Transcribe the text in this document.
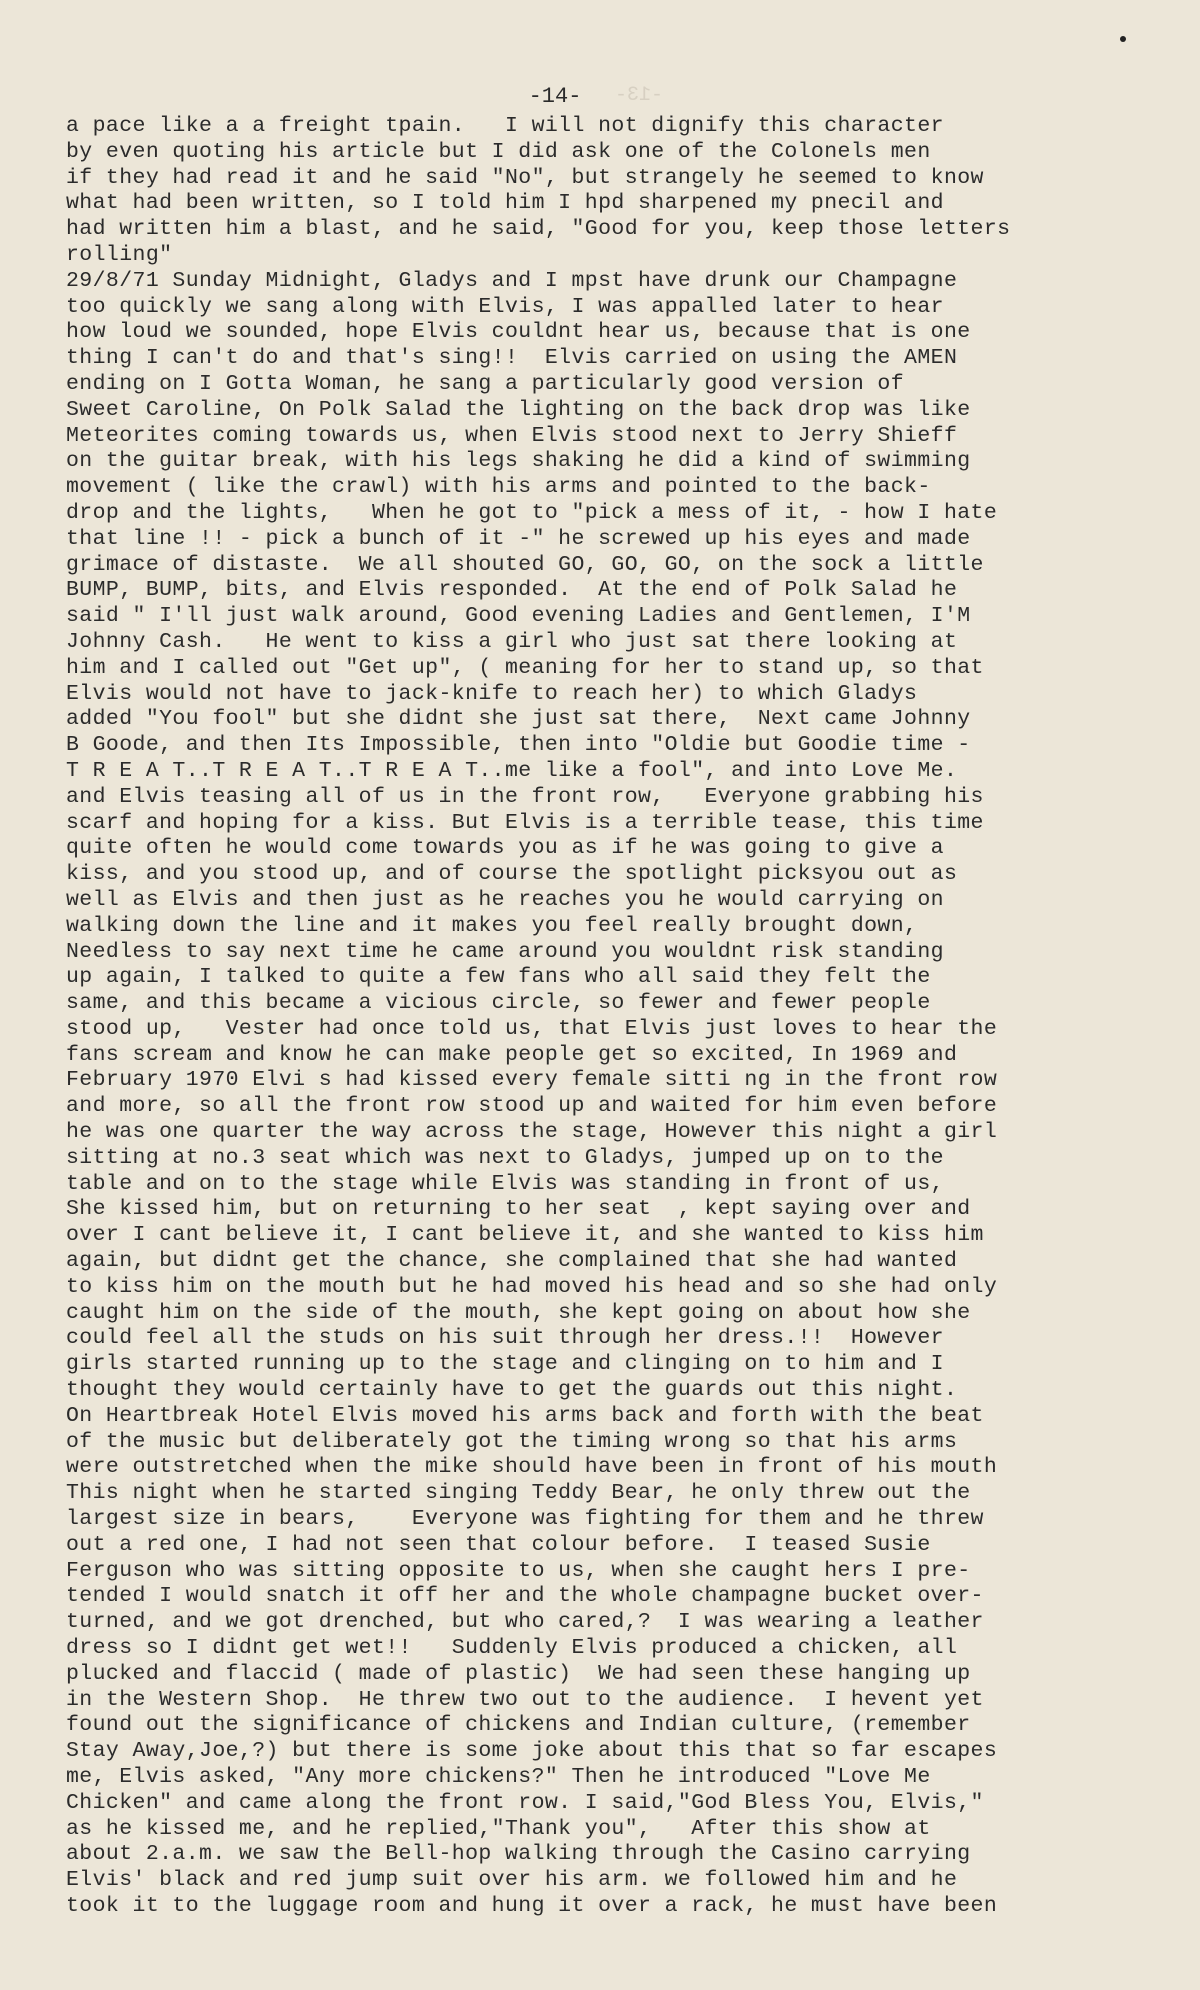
-13-
-14-
a pace like a a freight tpain.   I will not dignify this character
by even quoting his article but I did ask one of the Colonels men
if they had read it and he said "No", but strangely he seemed to know
what had been written, so I told him I hpd sharpened my pnecil and
had written him a blast, and he said, "Good for you, keep those letters
rolling"
29/8/71 Sunday Midnight, Gladys and I mpst have drunk our Champagne
too quickly we sang along with Elvis, I was appalled later to hear
how loud we sounded, hope Elvis couldnt hear us, because that is one
thing I can't do and that's sing!!  Elvis carried on using the AMEN
ending on I Gotta Woman, he sang a particularly good version of
Sweet Caroline, On Polk Salad the lighting on the back drop was like
Meteorites coming towards us, when Elvis stood next to Jerry Shieff
on the guitar break, with his legs shaking he did a kind of swimming
movement ( like the crawl) with his arms and pointed to the back-
drop and the lights,   When he got to "pick a mess of it, - how I hate
that line !! - pick a bunch of it -" he screwed up his eyes and made
grimace of distaste.  We all shouted GO, GO, GO, on the sock a little
BUMP, BUMP, bits, and Elvis responded.  At the end of Polk Salad he
said " I'll just walk around, Good evening Ladies and Gentlemen, I'M
Johnny Cash.   He went to kiss a girl who just sat there looking at
him and I called out "Get up", ( meaning for her to stand up, so that
Elvis would not have to jack-knife to reach her) to which Gladys
added "You fool" but she didnt she just sat there,  Next came Johnny
B Goode, and then Its Impossible, then into "Oldie but Goodie time -
T R E A T..T R E A T..T R E A T..me like a fool", and into Love Me.
and Elvis teasing all of us in the front row,   Everyone grabbing his
scarf and hoping for a kiss. But Elvis is a terrible tease, this time
quite often he would come towards you as if he was going to give a
kiss, and you stood up, and of course the spotlight picksyou out as
well as Elvis and then just as he reaches you he would carrying on
walking down the line and it makes you feel really brought down,
Needless to say next time he came around you wouldnt risk standing
up again, I talked to quite a few fans who all said they felt the
same, and this became a vicious circle, so fewer and fewer people
stood up,   Vester had once told us, that Elvis just loves to hear the
fans scream and know he can make people get so excited, In 1969 and
February 1970 Elvi s had kissed every female sitti ng in the front row
and more, so all the front row stood up and waited for him even before
he was one quarter the way across the stage, However this night a girl
sitting at no.3 seat which was next to Gladys, jumped up on to the
table and on to the stage while Elvis was standing in front of us,
She kissed him, but on returning to her seat  , kept saying over and
over I cant believe it, I cant believe it, and she wanted to kiss him
again, but didnt get the chance, she complained that she had wanted
to kiss him on the mouth but he had moved his head and so she had only
caught him on the side of the mouth, she kept going on about how she
could feel all the studs on his suit through her dress.!!  However
girls started running up to the stage and clinging on to him and I
thought they would certainly have to get the guards out this night.
On Heartbreak Hotel Elvis moved his arms back and forth with the beat
of the music but deliberately got the timing wrong so that his arms
were outstretched when the mike should have been in front of his mouth
This night when he started singing Teddy Bear, he only threw out the
largest size in bears,    Everyone was fighting for them and he threw
out a red one, I had not seen that colour before.  I teased Susie
Ferguson who was sitting opposite to us, when she caught hers I pre-
tended I would snatch it off her and the whole champagne bucket over-
turned, and we got drenched, but who cared,?  I was wearing a leather
dress so I didnt get wet!!   Suddenly Elvis produced a chicken, all
plucked and flaccid ( made of plastic)  We had seen these hanging up
in the Western Shop.  He threw two out to the audience.  I hevent yet
found out the significance of chickens and Indian culture, (remember
Stay Away,Joe,?) but there is some joke about this that so far escapes
me, Elvis asked, "Any more chickens?" Then he introduced "Love Me
Chicken" and came along the front row. I said,"God Bless You, Elvis,"
as he kissed me, and he replied,"Thank you",   After this show at
about 2.a.m. we saw the Bell-hop walking through the Casino carrying
Elvis' black and red jump suit over his arm. we followed him and he
took it to the luggage room and hung it over a rack, he must have been
